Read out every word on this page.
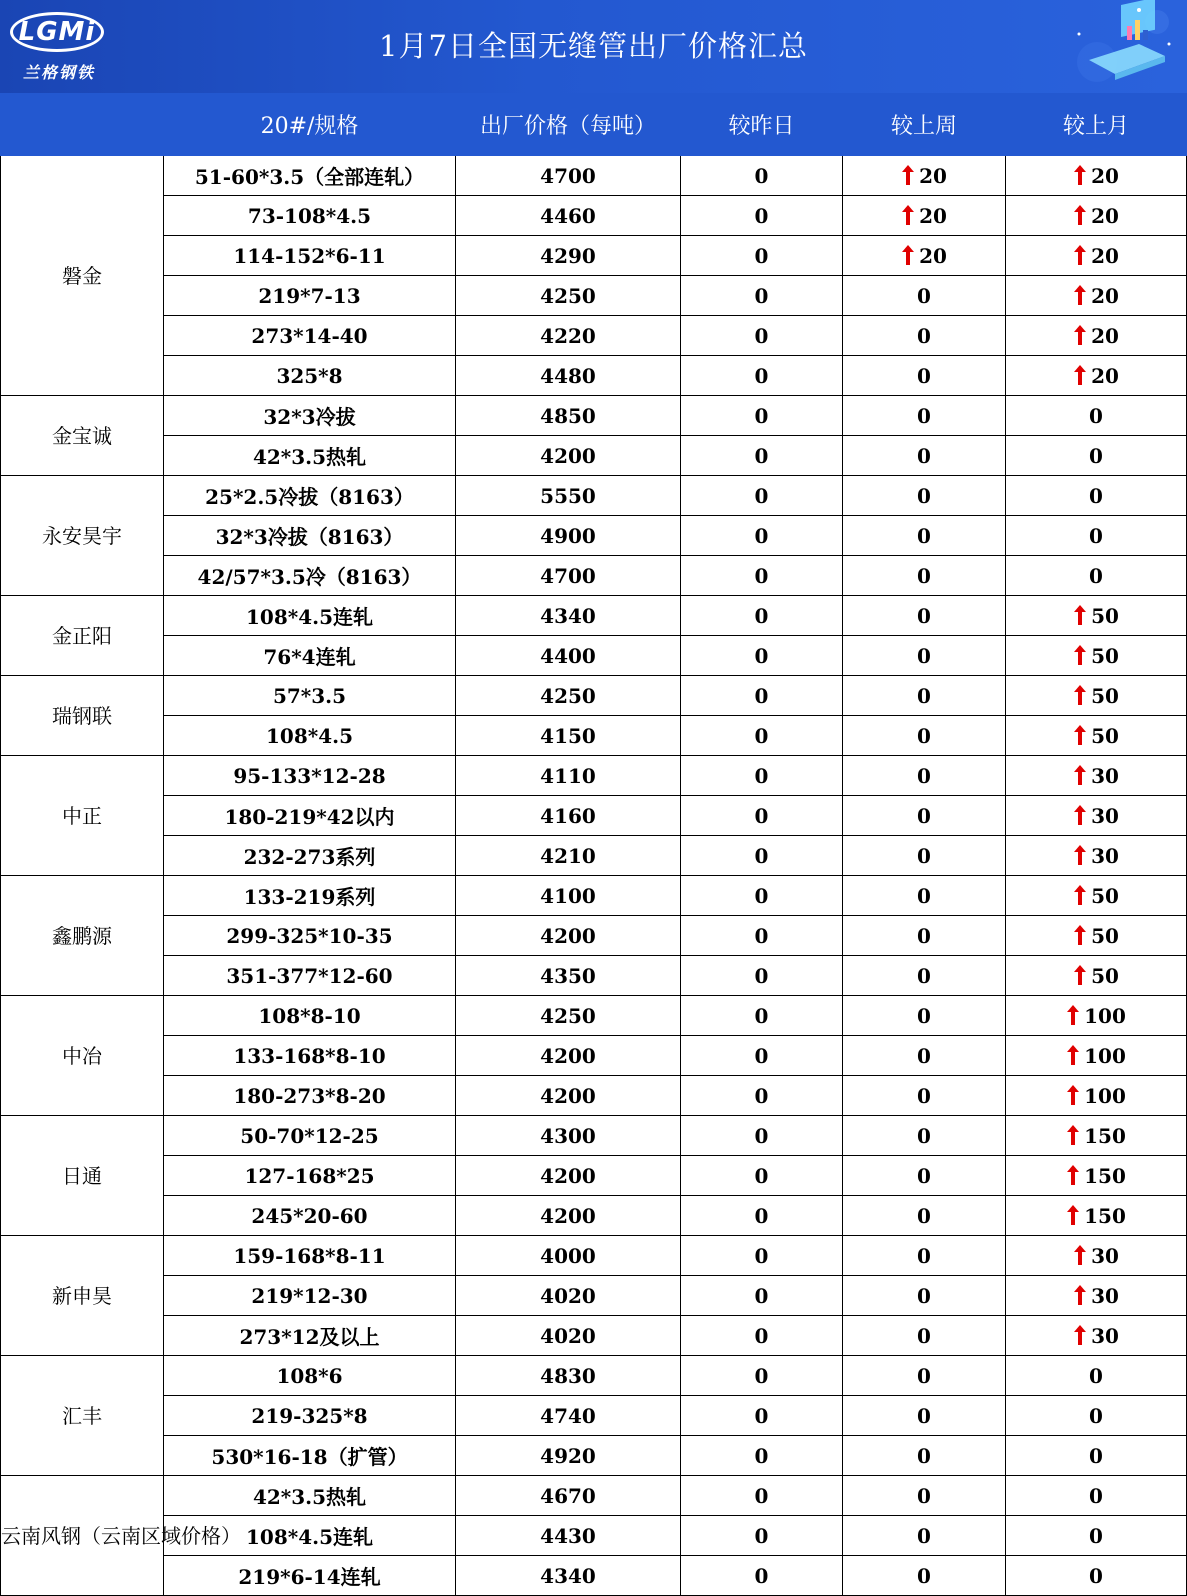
LGMi
兰格钢铁
1月7日全国无缝管出厂价格汇总
	20#/规格	出厂价格（每吨）	较昨日	较上周	较上月
磐金	51-60*3.5（全部连轧）	4700	0	20	20
	73-108*4.5	4460	0	20	20
	114-152*6-11	4290	0	20	20
	219*7-13	4250	0	0	20
	273*14-40	4220	0	0	20
	325*8	4480	0	0	20
金宝诚	32*3冷拔	4850	0	0	0
	42*3.5热轧	4200	0	0	0
永安昊宇	25*2.5冷拔（8163）	5550	0	0	0
	32*3冷拔（8163）	4900	0	0	0
	42/57*3.5冷（8163）	4700	0	0	0
金正阳	108*4.5连轧	4340	0	0	50
	76*4连轧	4400	0	0	50
瑞钢联	57*3.5	4250	0	0	50
	108*4.5	4150	0	0	50
中正	95-133*12-28	4110	0	0	30
	180-219*42以内	4160	0	0	30
	232-273系列	4210	0	0	30
鑫鹏源	133-219系列	4100	0	0	50
	299-325*10-35	4200	0	0	50
	351-377*12-60	4350	0	0	50
中冶	108*8-10	4250	0	0	100
	133-168*8-10	4200	0	0	100
	180-273*8-20	4200	0	0	100
日通	50-70*12-25	4300	0	0	150
	127-168*25	4200	0	0	150
	245*20-60	4200	0	0	150
新申昊	159-168*8-11	4000	0	0	30
	219*12-30	4020	0	0	30
	273*12及以上	4020	0	0	30
汇丰	108*6	4830	0	0	0
	219-325*8	4740	0	0	0
	530*16-18（扩管）	4920	0	0	0
云南风钢（云南区域价格）	42*3.5热轧	4670	0	0	0
	108*4.5连轧	4430	0	0	0
	219*6-14连轧	4340	0	0	0
